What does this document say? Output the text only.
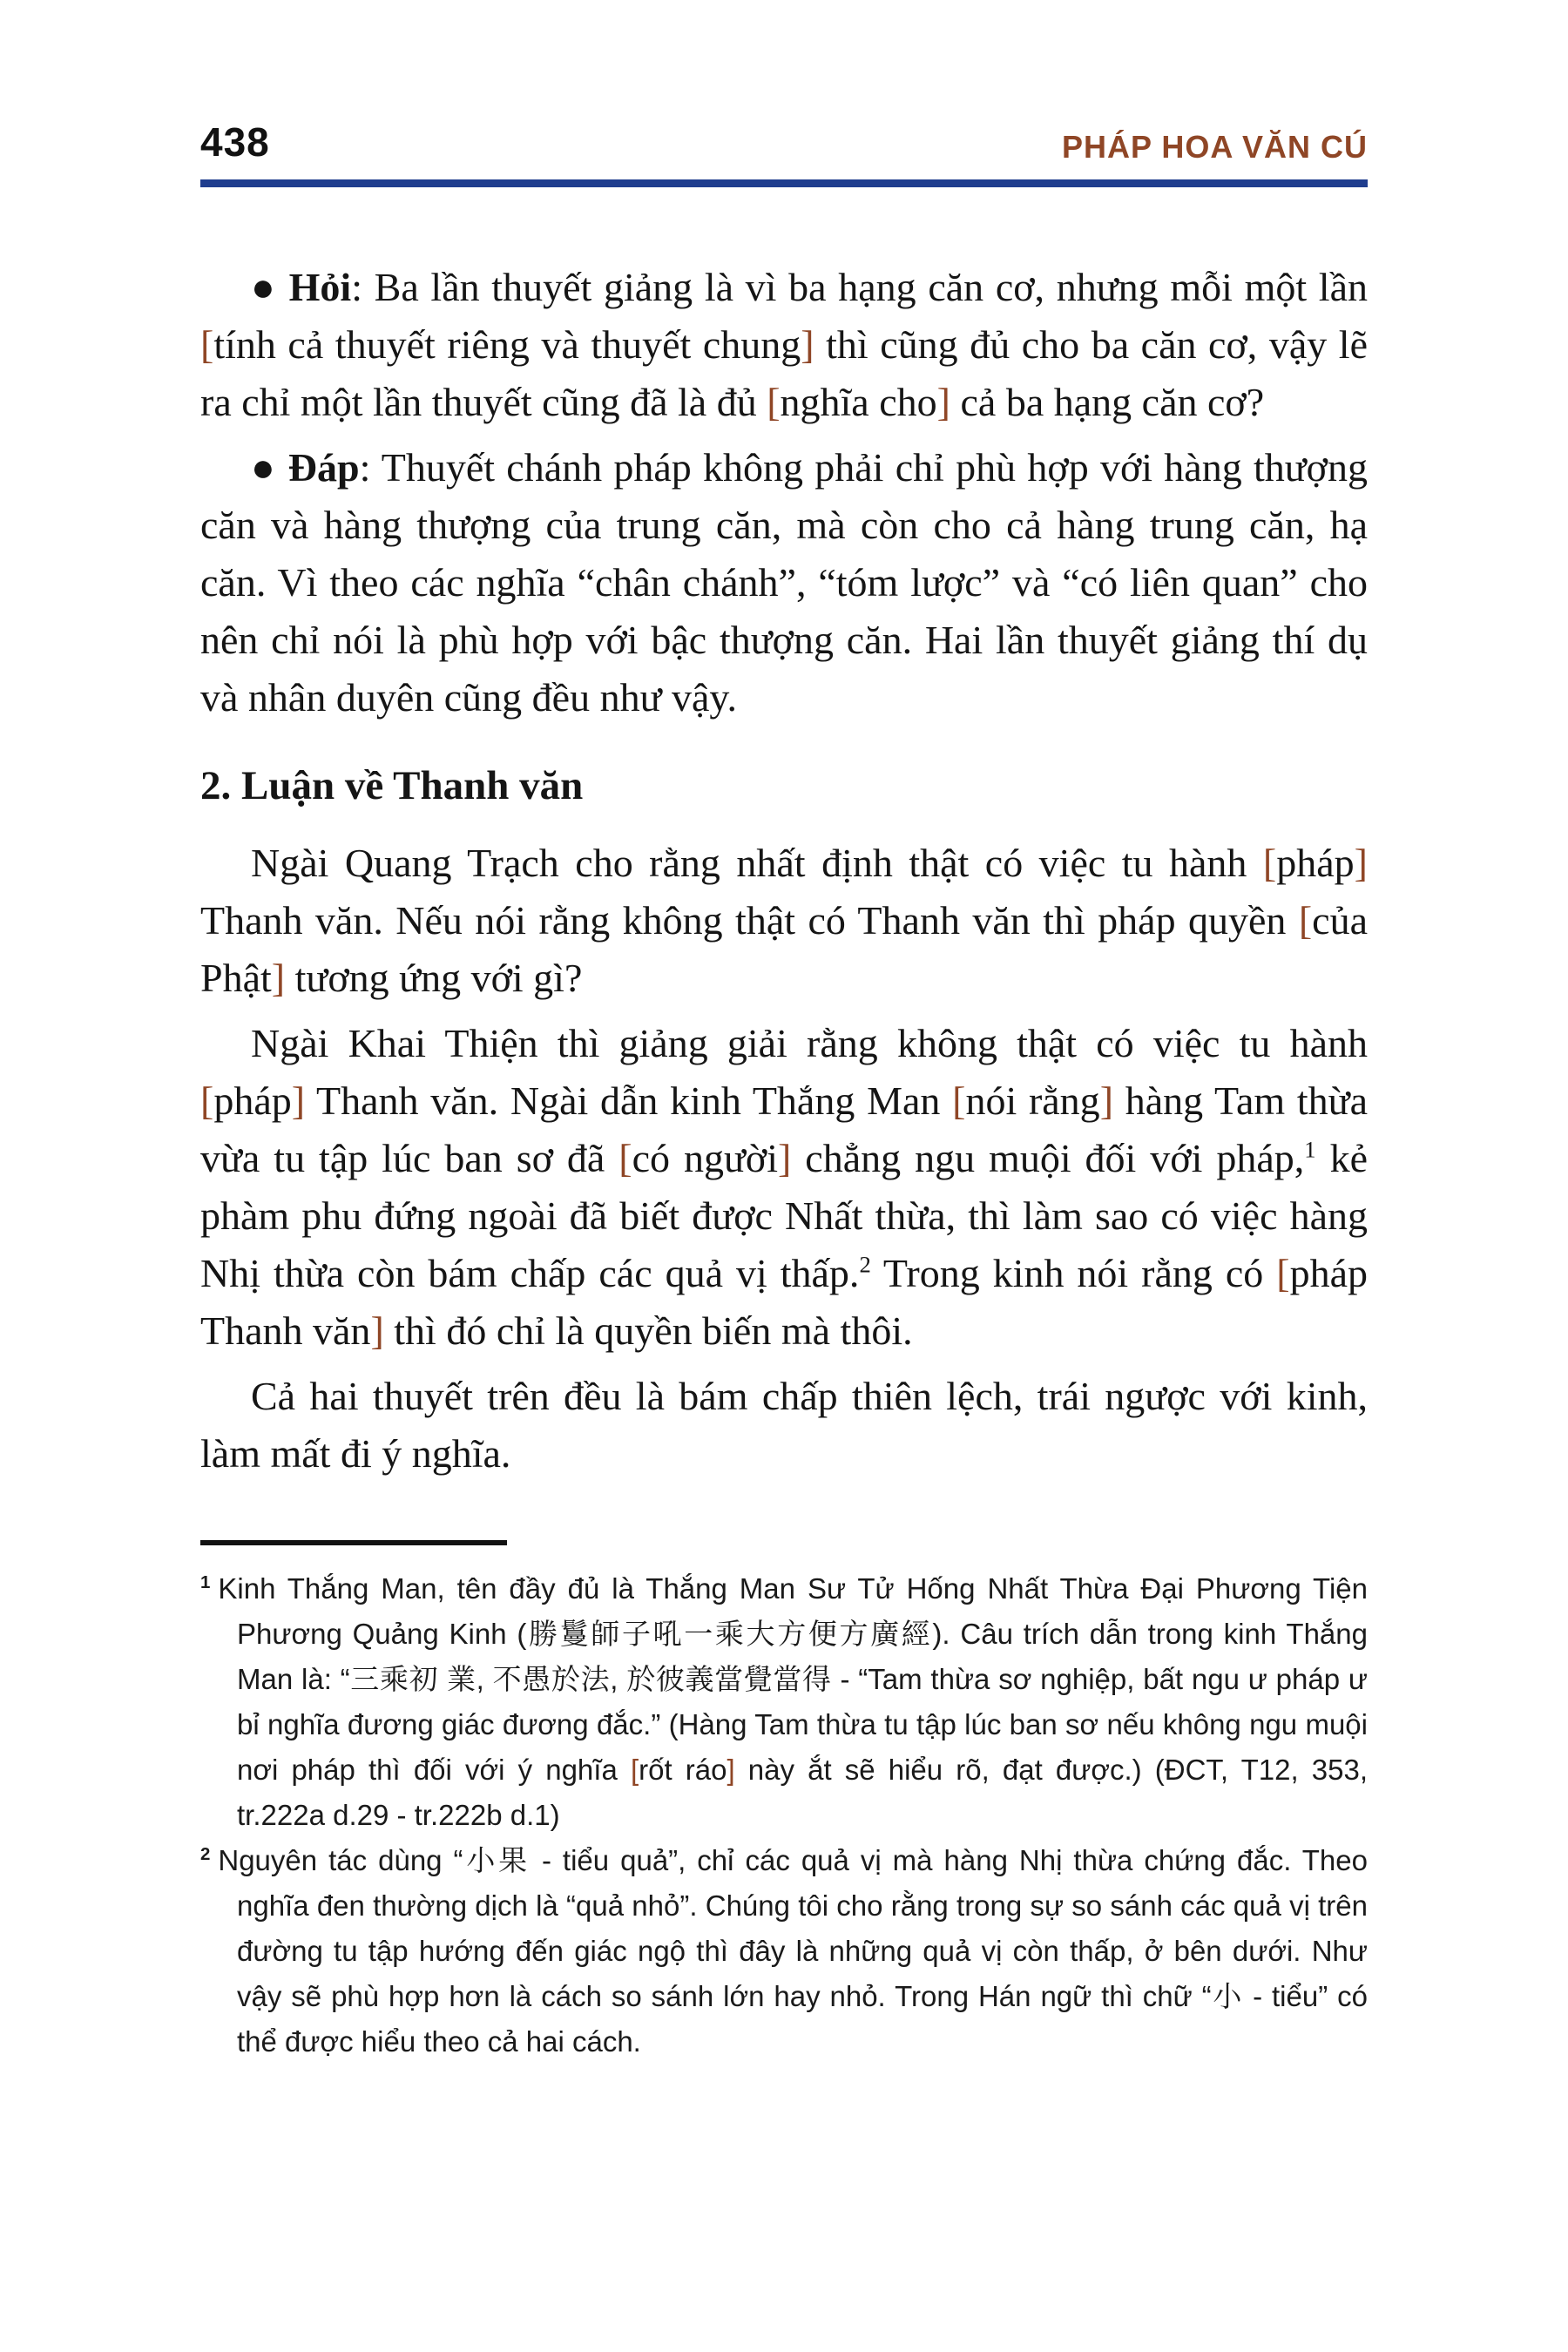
438	PHÁP HOA VĂN CÚ

● Hỏi: Ba lần thuyết giảng là vì ba hạng căn cơ, nhưng mỗi một lần [tính cả thuyết riêng và thuyết chung] thì cũng đủ cho ba căn cơ, vậy lẽ ra chỉ một lần thuyết cũng đã là đủ [nghĩa cho] cả ba hạng căn cơ?

● Đáp: Thuyết chánh pháp không phải chỉ phù hợp với hàng thượng căn và hàng thượng của trung căn, mà còn cho cả hàng trung căn, hạ căn. Vì theo các nghĩa “chân chánh”, “tóm lược” và “có liên quan” cho nên chỉ nói là phù hợp với bậc thượng căn. Hai lần thuyết giảng thí dụ và nhân duyên cũng đều như vậy.

2. Luận về Thanh văn

Ngài Quang Trạch cho rằng nhất định thật có việc tu hành [pháp] Thanh văn. Nếu nói rằng không thật có Thanh văn thì pháp quyền [của Phật] tương ứng với gì?

Ngài Khai Thiện thì giảng giải rằng không thật có việc tu hành [pháp] Thanh văn. Ngài dẫn kinh Thắng Man [nói rằng] hàng Tam thừa vừa tu tập lúc ban sơ đã [có người] chẳng ngu muội đối với pháp,$^1$ kẻ phàm phu đứng ngoài đã biết được Nhất thừa, thì làm sao có việc hàng Nhị thừa còn bám chấp các quả vị thấp.$^2$ Trong kinh nói rằng có [pháp Thanh văn] thì đó chỉ là quyền biến mà thôi.

Cả hai thuyết trên đều là bám chấp thiên lệch, trái ngược với kinh, làm mất đi ý nghĩa.

$^1$ Kinh Thắng Man, tên đầy đủ là Thắng Man Sư Tử Hống Nhất Thừa Đại Phương Tiện Phương Quảng Kinh (勝鬘師子吼一乘大方便方廣經). Câu trích dẫn trong kinh Thắng Man là: “三乘初 業, 不愚於法, 於彼義當覺當得 - “Tam thừa sơ nghiệp, bất ngu ư pháp ư bỉ nghĩa đương giác đương đắc.” (Hàng Tam thừa tu tập lúc ban sơ nếu không ngu muội nơi pháp thì đối với ý nghĩa [rốt ráo] này ắt sẽ hiểu rõ, đạt được.) (ĐCT, T12, 353, tr.222a d.29 - tr.222b d.1)
$^2$ Nguyên tác dùng “小果 - tiểu quả”, chỉ các quả vị mà hàng Nhị thừa chứng đắc. Theo nghĩa đen thường dịch là “quả nhỏ”. Chúng tôi cho rằng trong sự so sánh các quả vị trên đường tu tập hướng đến giác ngộ thì đây là những quả vị còn thấp, ở bên dưới. Như vậy sẽ phù hợp hơn là cách so sánh lớn hay nhỏ. Trong Hán ngữ thì chữ “小 - tiểu” có thể được hiểu theo cả hai cách.
